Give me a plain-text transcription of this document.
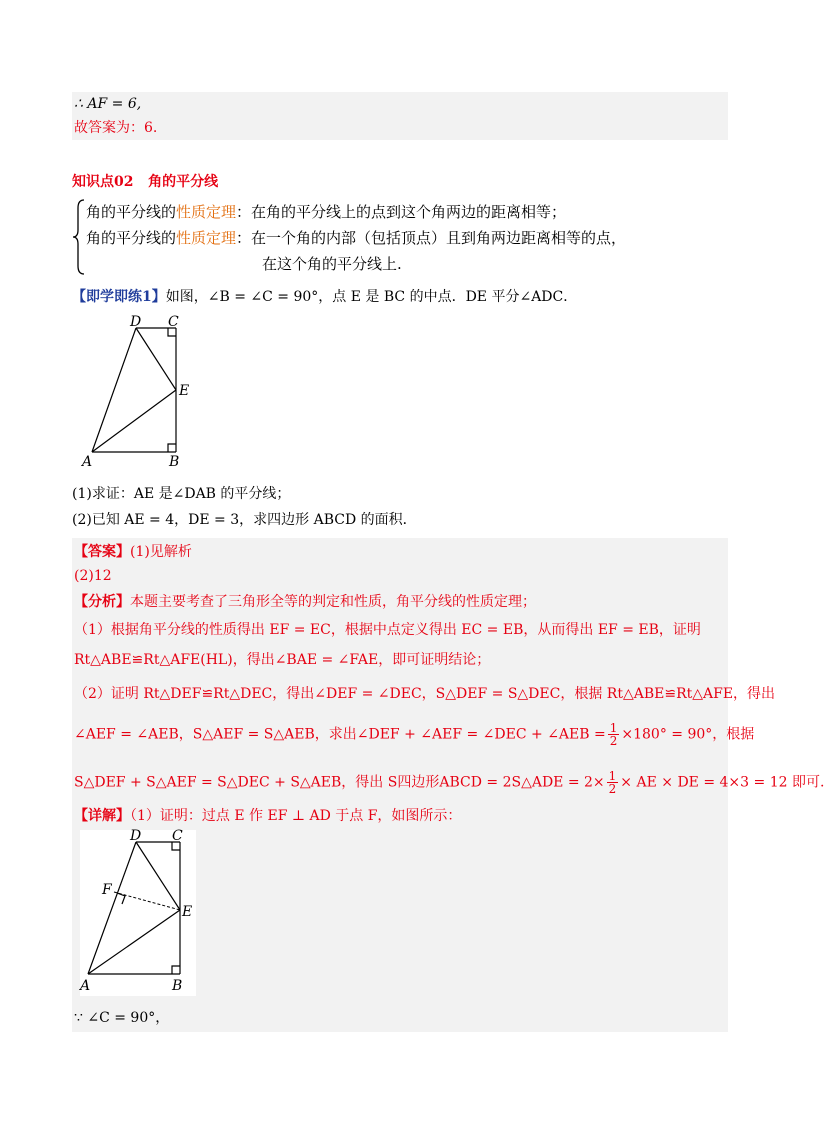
∴ AF = 6,
故答案为：6.
知识点02 角的平分线
角的平分线的性质定理：在角的平分线上的点到这个角两边的距离相等；
角的平分线的性质定理：在一个角的内部（包括顶点）且到角两边距离相等的点，
在这个角的平分线上.
【即学即练1】如图，∠B = ∠C = 90°，点 E 是 BC 的中点．DE 平分∠ADC．
D C
E
A	B
(1)求证：AE 是∠DAB 的平分线；
(2)已知 AE = 4，DE = 3，求四边形 ABCD 的面积．
【答案】(1)见解析
(2)12
【分析】本题主要考查了三角形全等的判定和性质，角平分线的性质定理；
（1）根据角平分线的性质得出 EF = EC，根据中点定义得出 EC = EB，从而得出 EF = EB，证明
Rt△ABE≌Rt△AFE(HL)，得出∠BAE = ∠FAE，即可证明结论；
（2）证明 Rt△DEF≌Rt△DEC，得出∠DEF = ∠DEC，S△DEF = S△DEC，根据 Rt△ABE≌Rt△AFE，得出
∠AEF = ∠AEB，S△AEF = S△AEB，求出∠DEF + ∠AEF = ∠DEC + ∠AEB = $\frac{1}{2} \times 180^\circ = 90^\circ$，根据
S△DEF + S△AEF = S△DEC + S△AEB，得出 S四边形ABCD = 2S△ADE = $2\times \frac{1}{2}$ × AE × DE = 4×3 = 12 即可.
【详解】（1）证明：过点 E 作 EF ⊥ AD 于点 F，如图所示：
D C
F
E
A	B
∵ ∠C = 90°，
